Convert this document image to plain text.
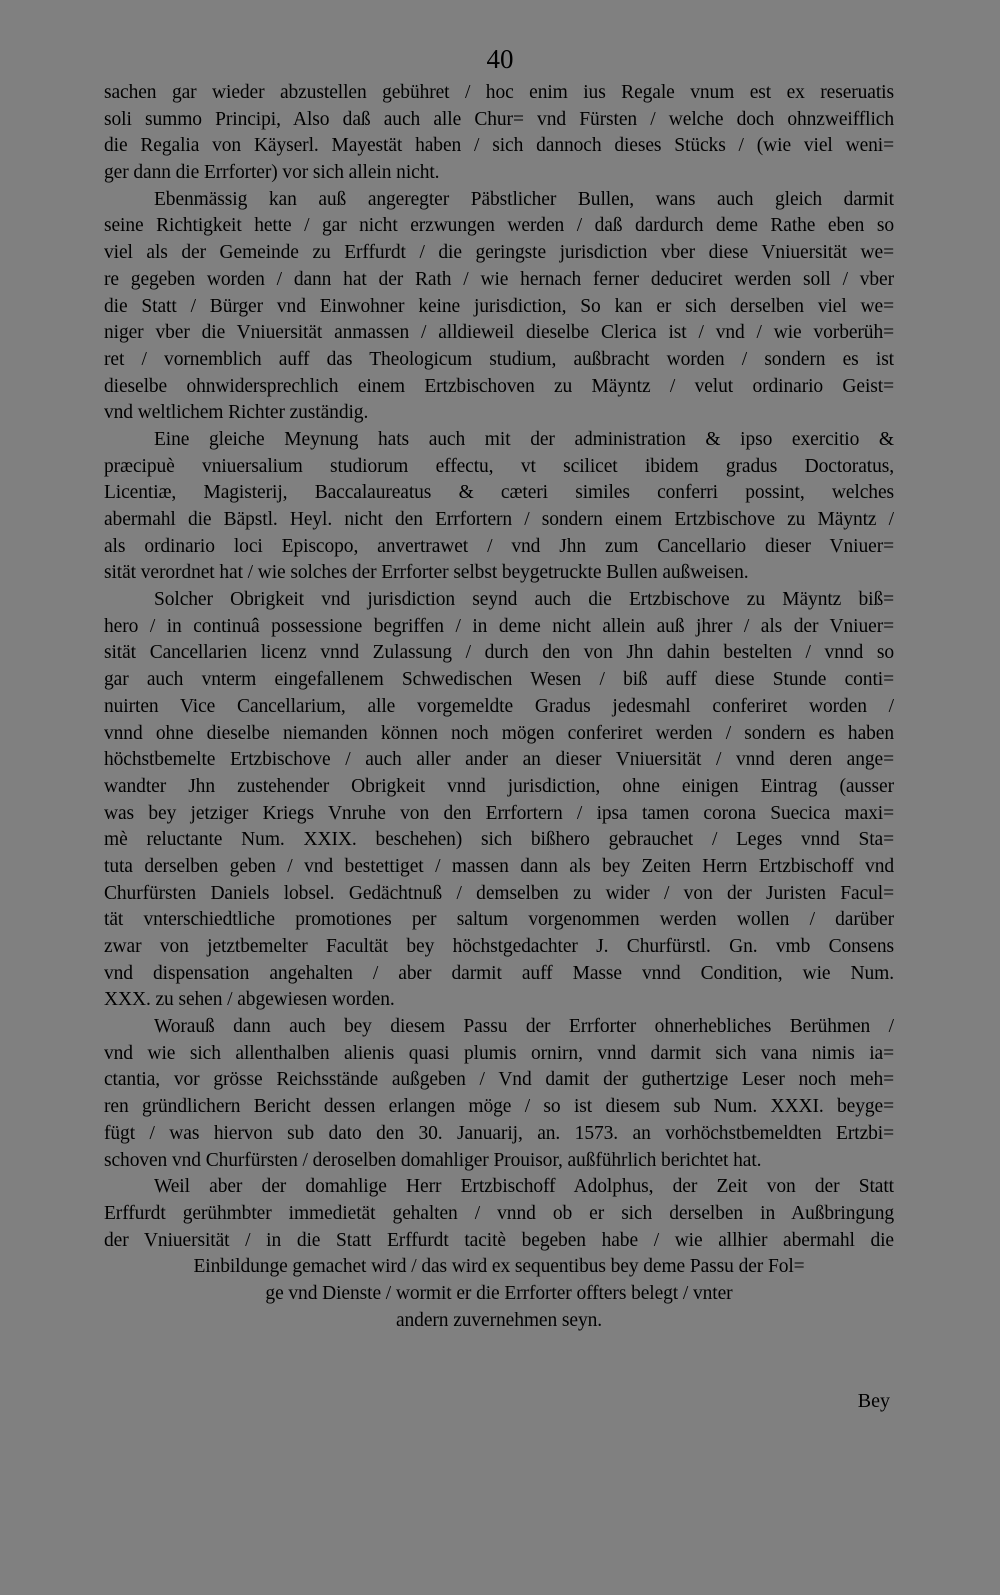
40
sachen gar wieder abzustellen gebühret / hoc enim ius Regale vnum est ex reseruatis
soli summo Principi, Also daß auch alle Chur= vnd Fürsten / welche doch ohnzweifflich
die Regalia von Käyserl. Mayestät haben / sich dannoch dieses Stücks / (wie viel weni=
ger dann die Errforter) vor sich allein nicht.
Ebenmässig kan auß angeregter Päbstlicher Bullen, wans auch gleich darmit
seine Richtigkeit hette / gar nicht erzwungen werden / daß dardurch deme Rathe eben so
viel als der Gemeinde zu Erffurdt / die geringste jurisdiction vber diese Vniuersität we=
re gegeben worden / dann hat der Rath / wie hernach ferner deduciret werden soll / vber
die Statt / Bürger vnd Einwohner keine jurisdiction, So kan er sich derselben viel we=
niger vber die Vniuersität anmassen / alldieweil dieselbe Clerica ist / vnd / wie vorberüh=
ret / vornemblich auff das Theologicum studium, außbracht worden / sondern es ist
dieselbe ohnwidersprechlich einem Ertzbischoven zu Mäyntz / velut ordinario Geist=
vnd weltlichem Richter zuständig.
Eine gleiche Meynung hats auch mit der administration & ipso exercitio &
præcipuè vniuersalium studiorum effectu, vt scilicet ibidem gradus Doctoratus,
Licentiæ, Magisterij, Baccalaureatus & cæteri similes conferri possint, welches
abermahl die Bäpstl. Heyl. nicht den Errfortern / sondern einem Ertzbischove zu Mäyntz /
als ordinario loci Episcopo, anvertrawet / vnd Jhn zum Cancellario dieser Vniuer=
sität verordnet hat / wie solches der Errforter selbst beygetruckte Bullen außweisen.
Solcher Obrigkeit vnd jurisdiction seynd auch die Ertzbischove zu Mäyntz biß=
hero / in continuâ possessione begriffen / in deme nicht allein auß jhrer / als der Vniuer=
sität Cancellarien licenz vnnd Zulassung / durch den von Jhn dahin bestelten / vnnd so
gar auch vnterm eingefallenem Schwedischen Wesen / biß auff diese Stunde conti=
nuirten Vice Cancellarium, alle vorgemeldte Gradus jedesmahl conferiret worden /
vnnd ohne dieselbe niemanden können noch mögen conferiret werden / sondern es haben
höchstbemelte Ertzbischove / auch aller ander an dieser Vniuersität / vnnd deren ange=
wandter Jhn zustehender Obrigkeit vnnd jurisdiction, ohne einigen Eintrag (ausser
was bey jetziger Kriegs Vnruhe von den Errfortern / ipsa tamen corona Suecica maxi=
mè reluctante Num. XXIX. beschehen) sich bißhero gebrauchet / Leges vnnd Sta=
tuta derselben geben / vnd bestettiget / massen dann als bey Zeiten Herrn Ertzbischoff vnd
Churfürsten Daniels lobsel. Gedächtnuß / demselben zu wider / von der Juristen Facul=
tät vnterschiedtliche promotiones per saltum vorgenommen werden wollen / darüber
zwar von jetztbemelter Facultät bey höchstgedachter J. Churfürstl. Gn. vmb Consens
vnd dispensation angehalten / aber darmit auff Masse vnnd Condition, wie Num.
XXX. zu sehen / abgewiesen worden.
Worauß dann auch bey diesem Passu der Errforter ohnerhebliches Berühmen /
vnd wie sich allenthalben alienis quasi plumis ornirn, vnnd darmit sich vana nimis ia=
ctantia, vor grösse Reichsstände außgeben / Vnd damit der guthertzige Leser noch meh=
ren gründlichern Bericht dessen erlangen möge / so ist diesem sub Num. XXXI. beyge=
fügt / was hiervon sub dato den 30. Januarij, an. 1573. an vorhöchstbemeldten Ertzbi=
schoven vnd Churfürsten / deroselben domahliger Prouisor, außführlich berichtet hat.
Weil aber der domahlige Herr Ertzbischoff Adolphus, der Zeit von der Statt
Erffurdt gerühmbter immedietät gehalten / vnnd ob er sich derselben in Außbringung
der Vniuersität / in die Statt Erffurdt tacitè begeben habe / wie allhier abermahl die
Einbildunge gemachet wird / das wird ex sequentibus bey deme Passu der Fol=
ge vnd Dienste / wormit er die Errforter offters belegt / vnter
andern zuvernehmen seyn.
Bey
